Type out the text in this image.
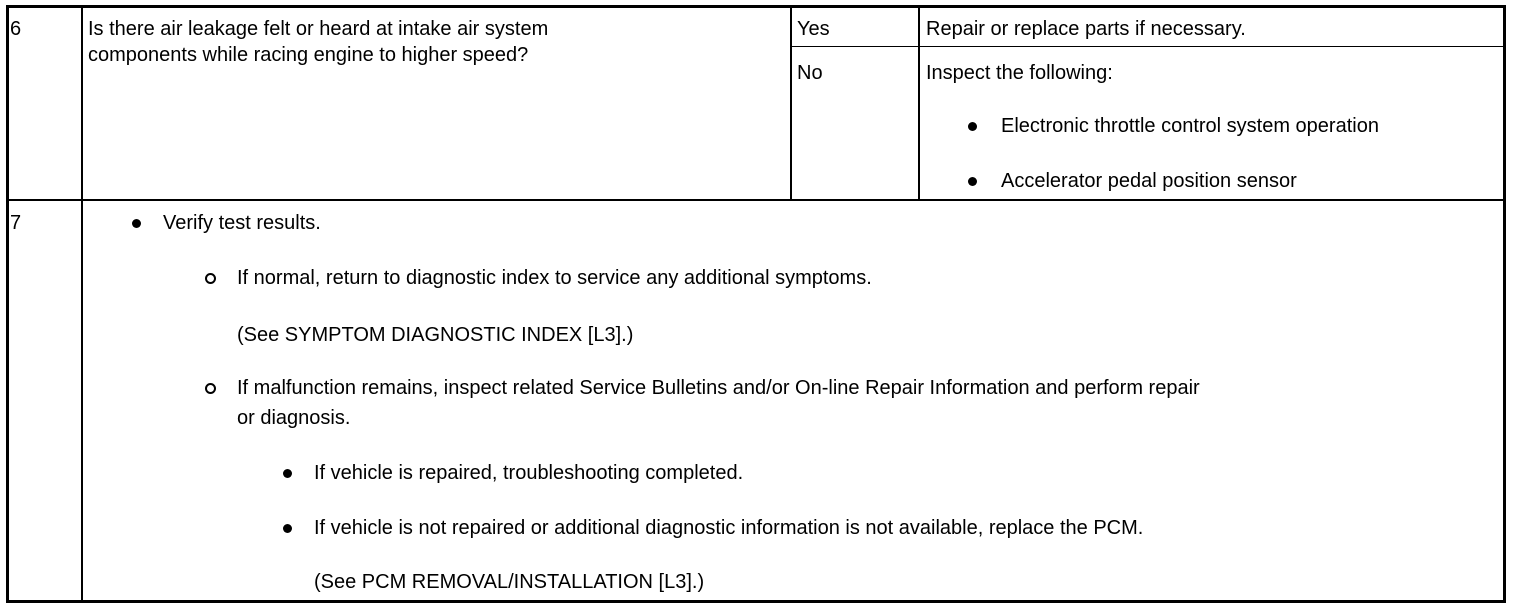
6	Is there air leakage felt or heard at intake air system
components while racing engine to higher speed?
Yes	Repair or replace parts if necessary.
No	Inspect the following:
Electronic throttle control system operation
Accelerator pedal position sensor
7	Verify test results.
If normal, return to diagnostic index to service any additional symptoms.
(See SYMPTOM DIAGNOSTIC INDEX [L3].)
If malfunction remains, inspect related Service Bulletins and/or On-line Repair Information and perform repair
or diagnosis.
If vehicle is repaired, troubleshooting completed.
If vehicle is not repaired or additional diagnostic information is not available, replace the PCM.
(See PCM REMOVAL/INSTALLATION [L3].)
